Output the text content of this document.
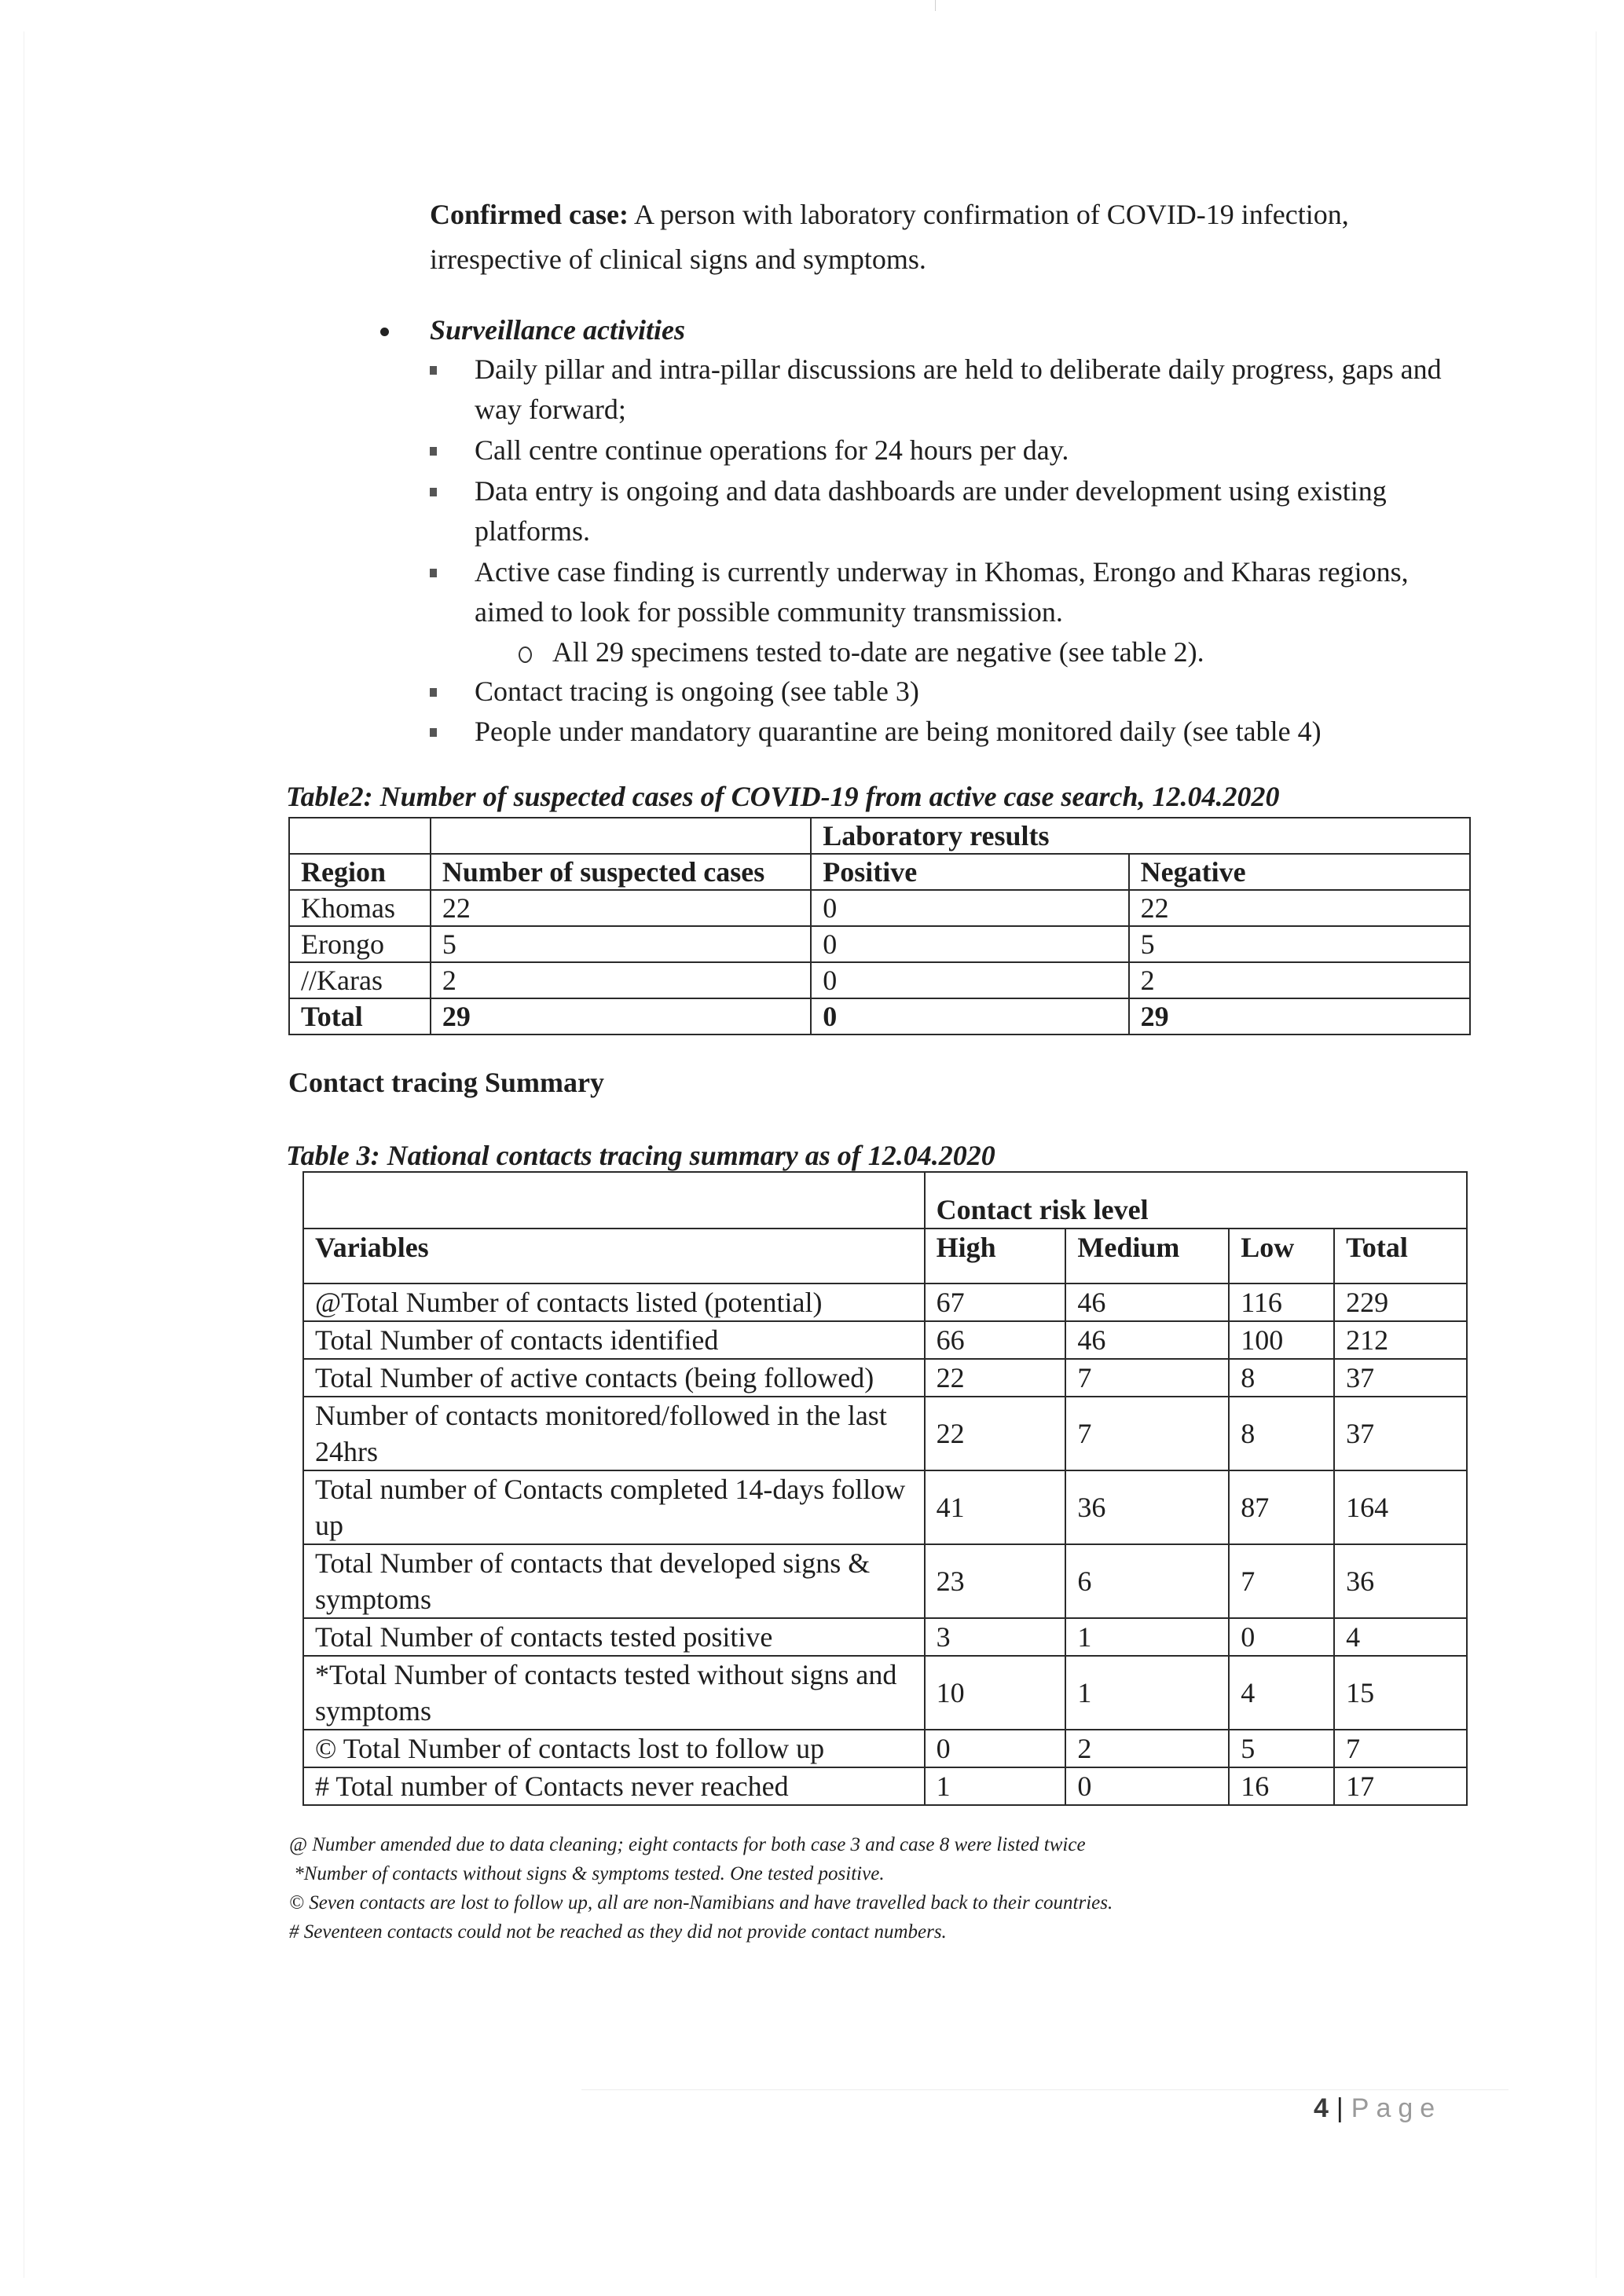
Confirmed case: A person with laboratory confirmation of COVID-19 infection, irrespective of clinical signs and symptoms.
Surveillance activities
Daily pillar and intra-pillar discussions are held to deliberate daily progress, gaps and way forward;
Call centre continue operations for 24 hours per day.
Data entry is ongoing and data dashboards are under development using existing platforms.
Active case finding is currently underway in Khomas, Erongo and Kharas regions, aimed to look for possible community transmission.
All 29 specimens tested to-date are negative (see table 2).
Contact tracing is ongoing (see table 3)
People under mandatory quarantine are being monitored daily (see table 4)
Table2: Number of suspected cases of COVID-19 from active case search, 12.04.2020
		Laboratory results	
Region	Number of suspected cases	Positive	Negative
Khomas	22	0	22
Erongo	5	0	5
//Karas	2	0	2
Total	29	0	29
Contact tracing Summary
Table 3: National contacts tracing summary as of 12.04.2020
	Contact risk level			
Variables	High	Medium	Low	Total
@Total Number of contacts listed (potential)	67	46	116	229
Total Number of contacts identified	66	46	100	212
Total Number of active contacts (being followed)	22	7	8	37
Number of contacts monitored/followed in the last 24hrs	22	7	8	37
Total number of Contacts completed 14-days follow up	41	36	87	164
Total Number of contacts that developed signs & symptoms	23	6	7	36
Total Number of contacts tested positive	3	1	0	4
*Total Number of contacts tested without signs and symptoms	10	1	4	15
© Total Number of contacts lost to follow up	0	2	5	7
# Total number of Contacts never reached	1	0	16	17
@ Number amended due to data cleaning; eight contacts for both case 3 and case 8 were listed twice
*Number of contacts without signs & symptoms tested. One tested positive.
© Seven contacts are lost to follow up, all are non-Namibians and have travelled back to their countries.
# Seventeen contacts could not be reached as they did not provide contact numbers.
4 | Page
